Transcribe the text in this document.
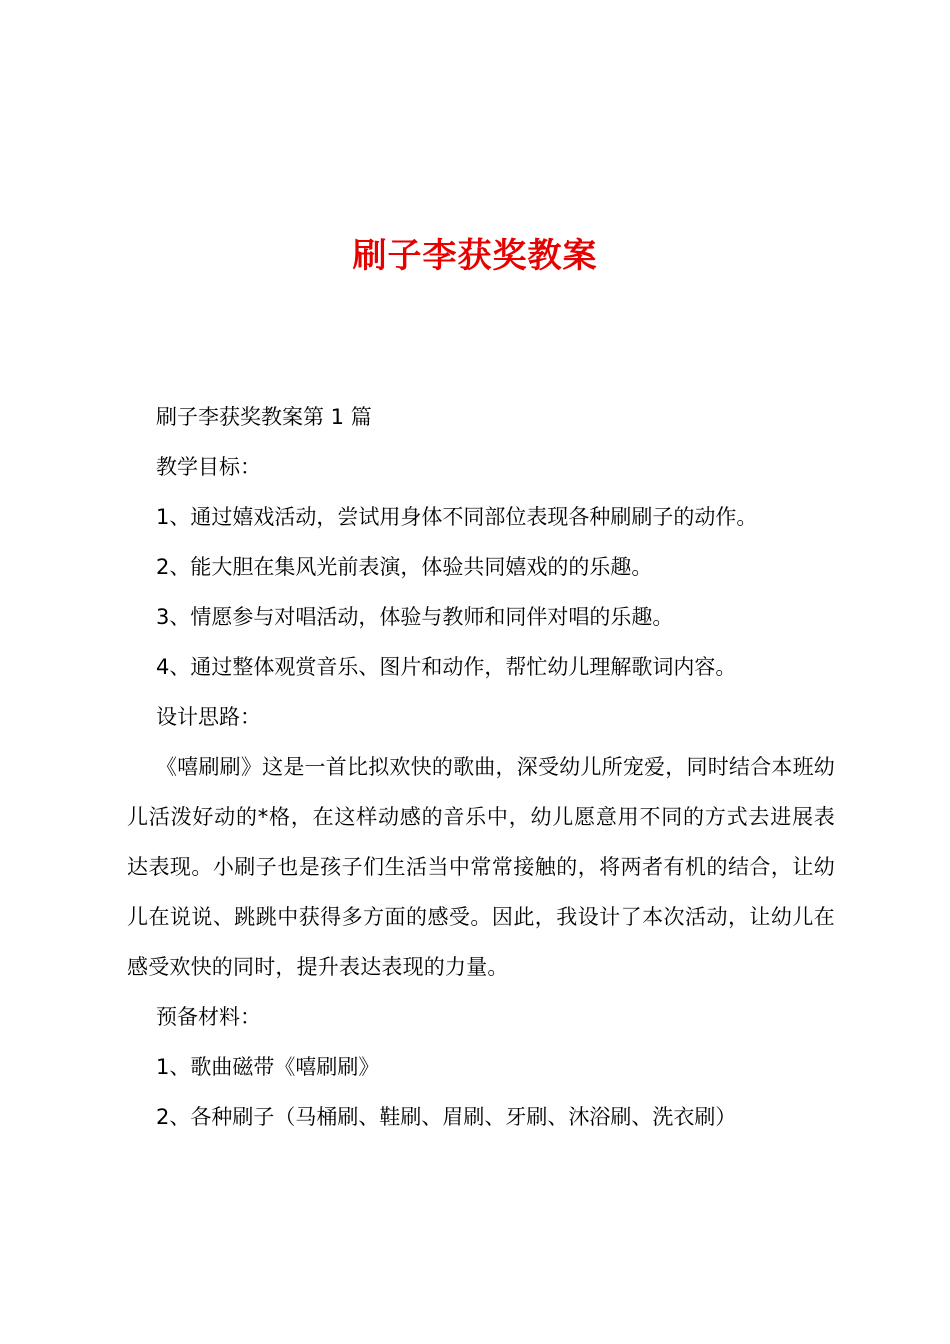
刷子李获奖教案

刷子李获奖教案第 1 篇

教学目标：

1、通过嬉戏活动，尝试用身体不同部位表现各种刷刷子的动作。

2、能大胆在集风光前表演，体验共同嬉戏的的乐趣。

3、情愿参与对唱活动，体验与教师和同伴对唱的乐趣。

4、通过整体观赏音乐、图片和动作，帮忙幼儿理解歌词内容。

设计思路：

《嘻刷刷》这是一首比拟欢快的歌曲，深受幼儿所宠爱，同时结合本班幼儿活泼好动的*格，在这样动感的音乐中，幼儿愿意用不同的方式去进展表达表现。小刷子也是孩子们生活当中常常接触的，将两者有机的结合，让幼儿在说说、跳跳中获得多方面的感受。因此，我设计了本次活动，让幼儿在感受欢快的同时，提升表达表现的力量。

预备材料：

1、歌曲磁带《嘻刷刷》

2、各种刷子（马桶刷、鞋刷、眉刷、牙刷、沐浴刷、洗衣刷）
